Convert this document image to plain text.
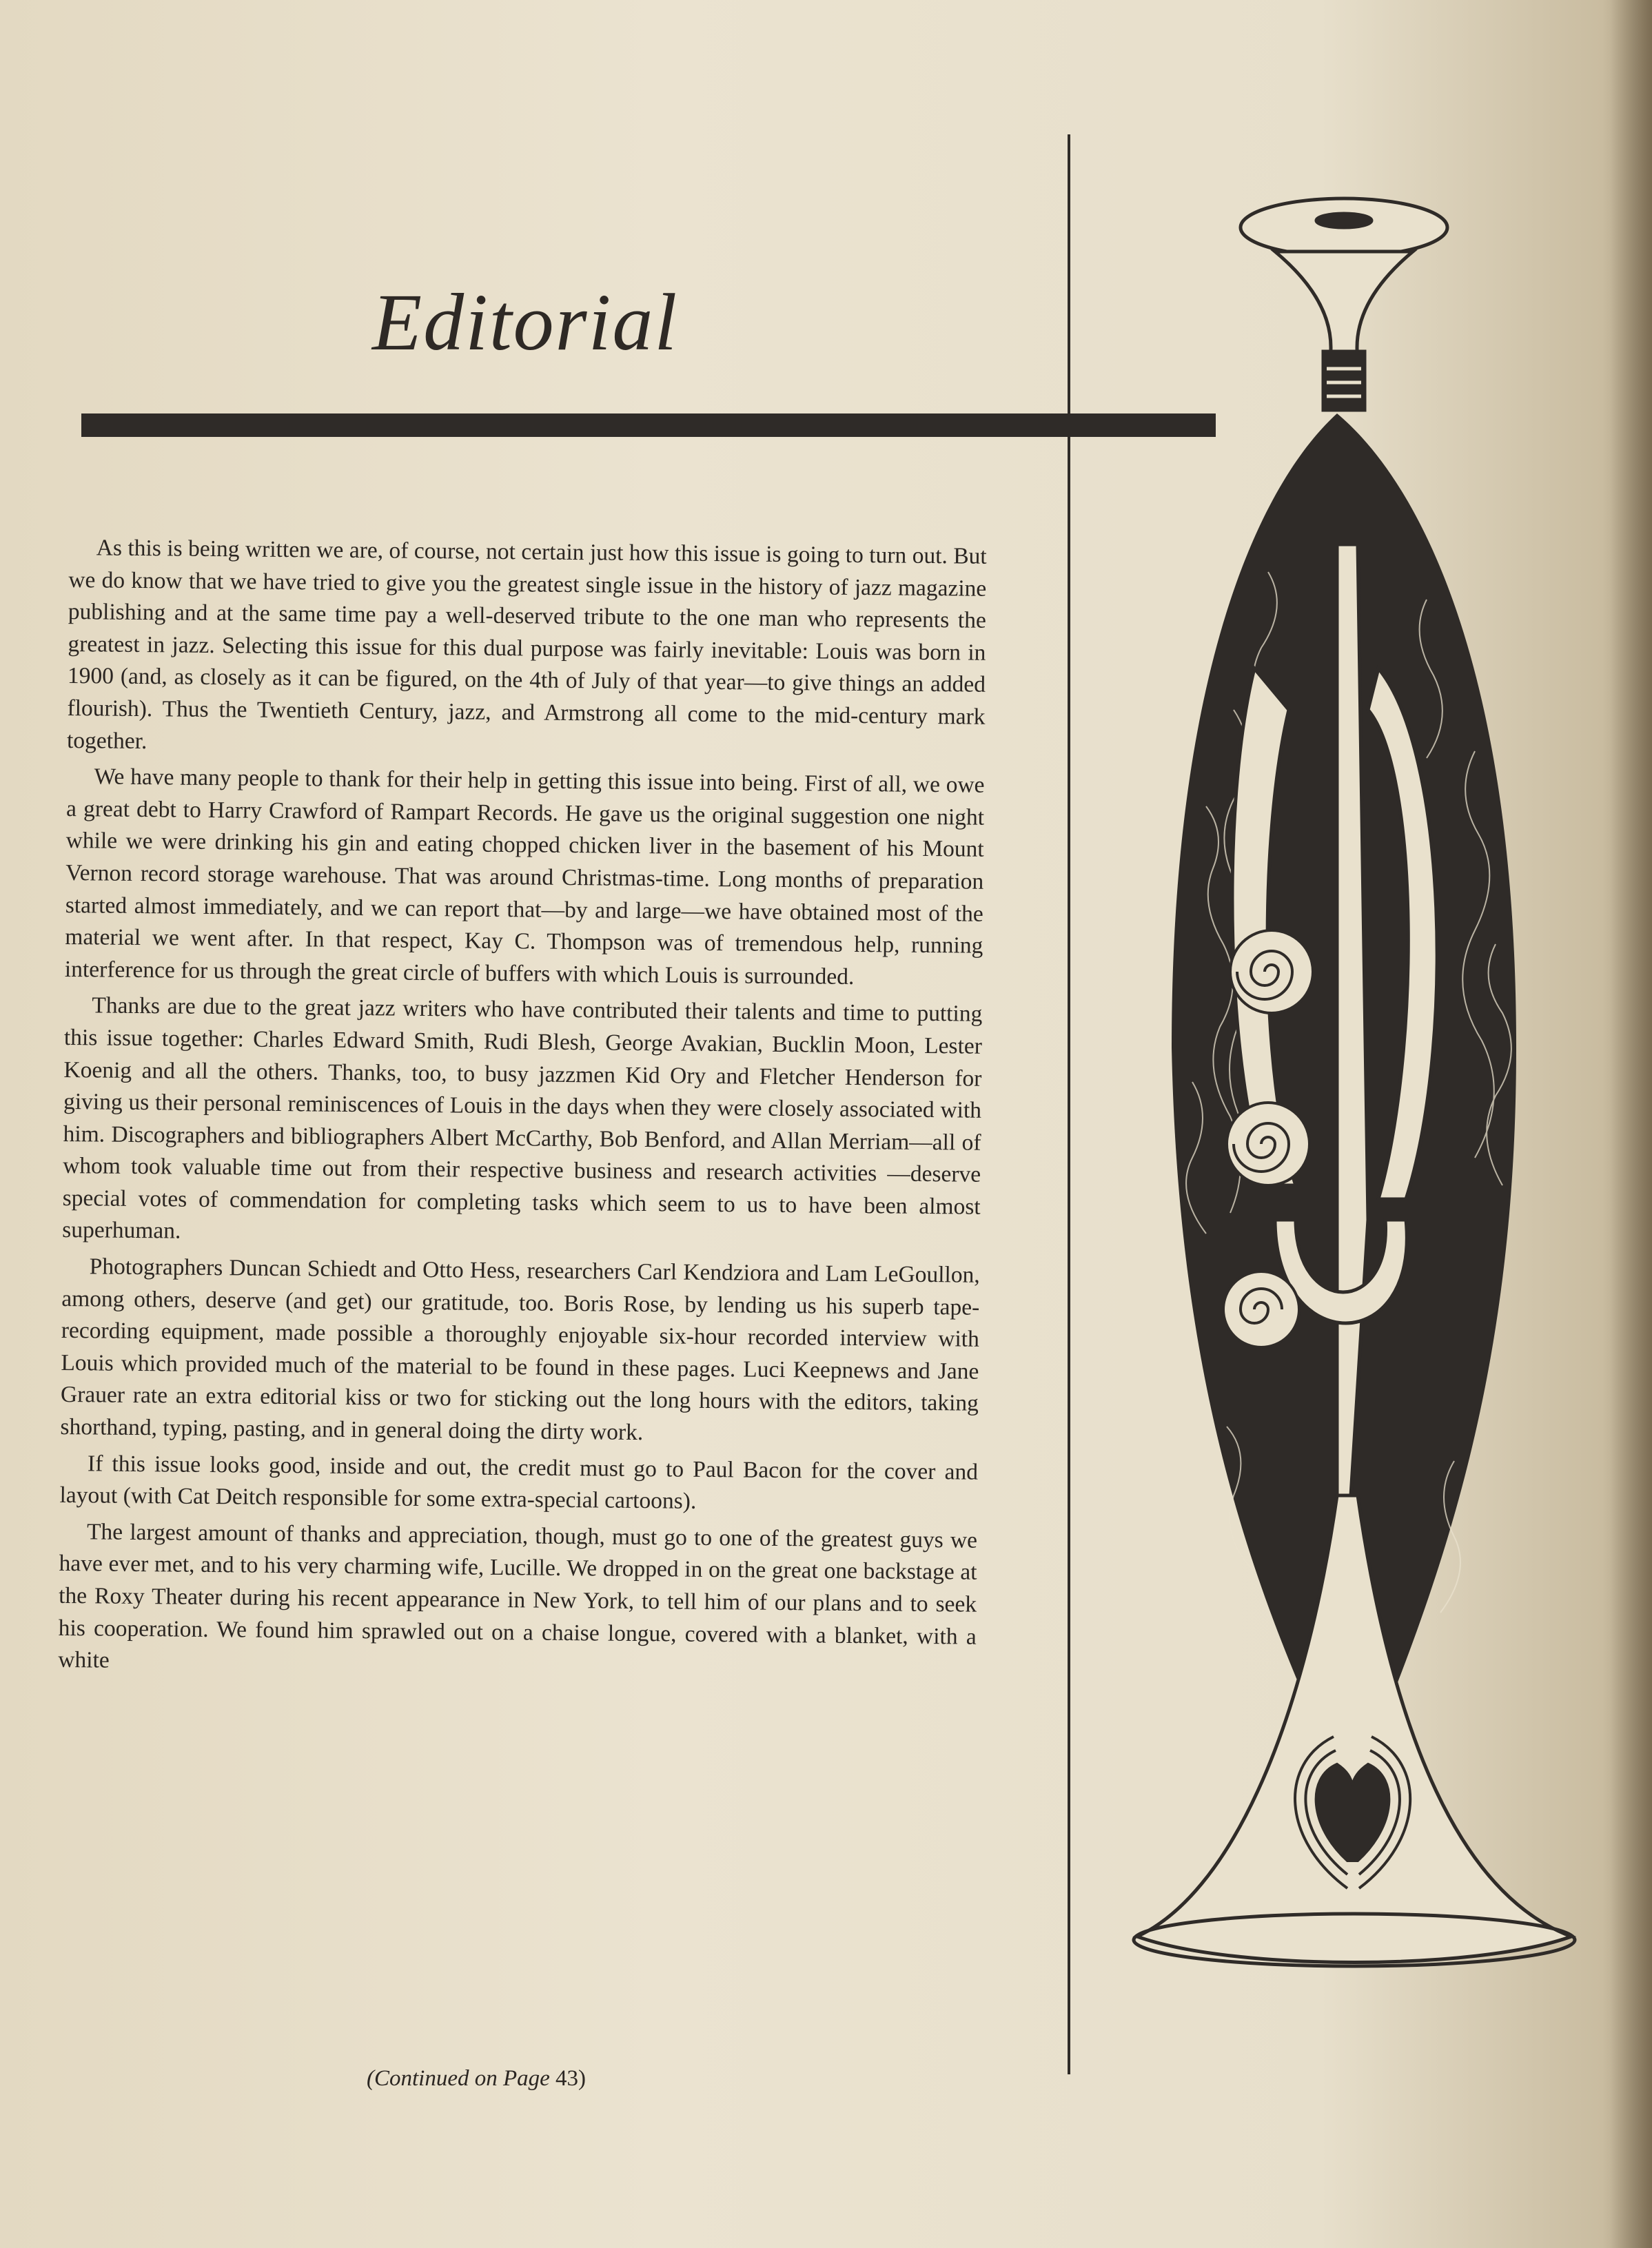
Editorial

As this is being written we are, of course, not certain just how this issue is going to turn out. But we do know that we have tried to give you the greatest single issue in the history of jazz magazine publishing and at the same time pay a well-deserved tribute to the one man who represents the greatest in jazz. Selecting this issue for this dual purpose was fairly inevitable: Louis was born in 1900 (and, as closely as it can be figured, on the 4th of July of that year—to give things an added flourish). Thus the Twentieth Century, jazz, and Armstrong all come to the mid-century mark together.

We have many people to thank for their help in getting this issue into being. First of all, we owe a great debt to Harry Crawford of Rampart Records. He gave us the original suggestion one night while we were drinking his gin and eating chopped chicken liver in the basement of his Mount Vernon record storage warehouse. That was around Christmas-time. Long months of preparation started almost immediately, and we can report that—by and large—we have obtained most of the material we went after. In that respect, Kay C. Thompson was of tremendous help, running interference for us through the great circle of buffers with which Louis is surrounded.

Thanks are due to the great jazz writers who have contributed their talents and time to putting this issue together: Charles Edward Smith, Rudi Blesh, George Avakian, Bucklin Moon, Lester Koenig and all the others. Thanks, too, to busy jazzmen Kid Ory and Fletcher Henderson for giving us their personal reminiscences of Louis in the days when they were closely associated with him. Discographers and bibliographers Albert McCarthy, Bob Benford, and Allan Merriam—all of whom took valuable time out from their respective business and research activities —deserve special votes of commendation for completing tasks which seem to us to have been almost superhuman.

Photographers Duncan Schiedt and Otto Hess, researchers Carl Kendziora and Lam LeGoullon, among others, deserve (and get) our gratitude, too. Boris Rose, by lending us his superb tape-recording equipment, made possible a thoroughly enjoyable six-hour recorded interview with Louis which provided much of the material to be found in these pages. Luci Keepnews and Jane Grauer rate an extra editorial kiss or two for sticking out the long hours with the editors, taking shorthand, typing, pasting, and in general doing the dirty work.

If this issue looks good, inside and out, the credit must go to Paul Bacon for the cover and layout (with Cat Deitch responsible for some extra-special cartoons).

The largest amount of thanks and appreciation, though, must go to one of the greatest guys we have ever met, and to his very charming wife, Lucille. We dropped in on the great one backstage at the Roxy Theater during his recent appearance in New York, to tell him of our plans and to seek his cooperation. We found him sprawled out on a chaise longue, covered with a blanket, with a white

(Continued on Page 43)
